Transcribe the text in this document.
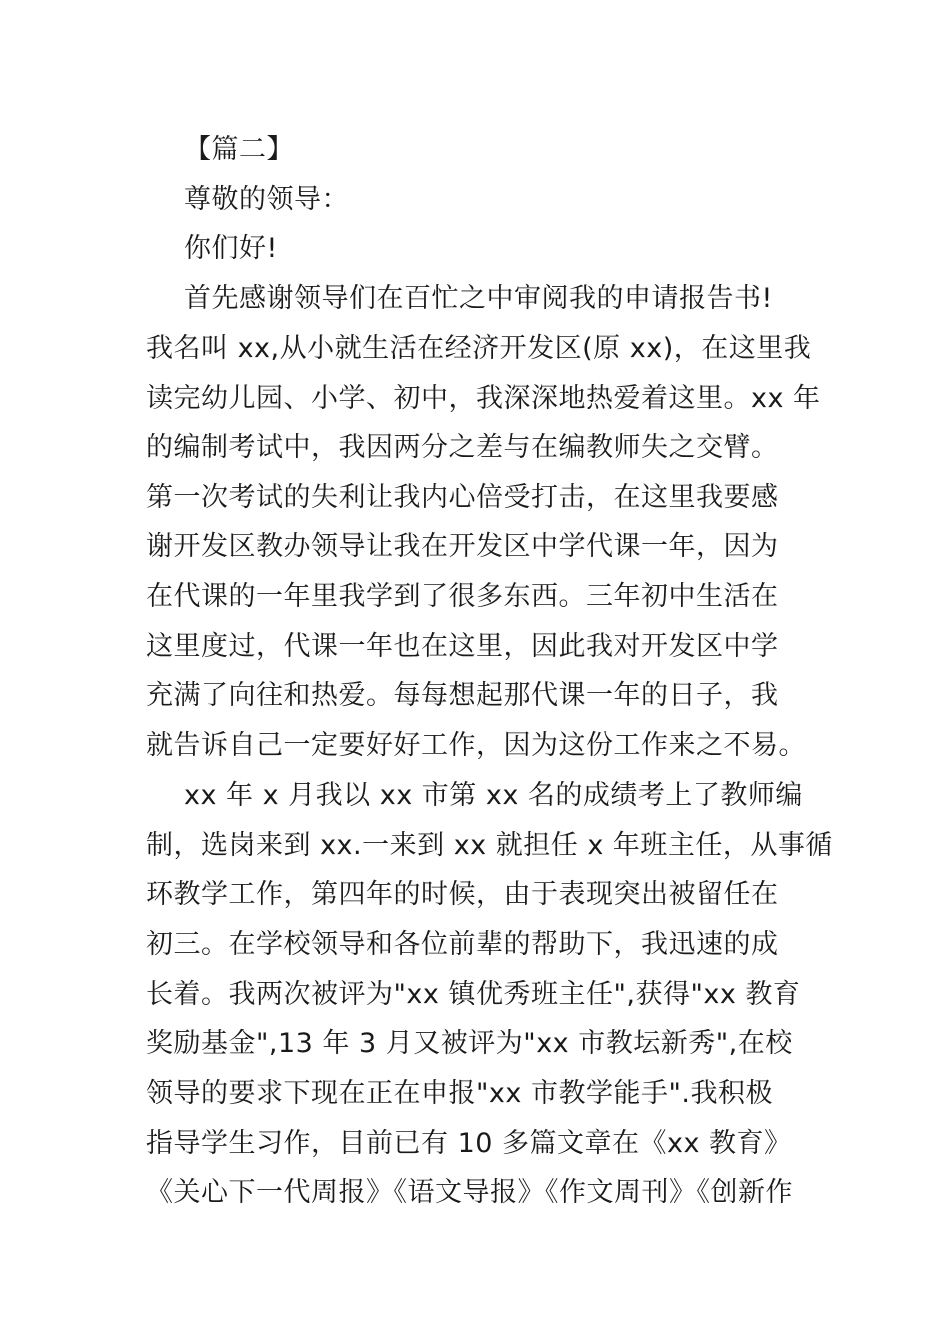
【篇二】
尊敬的领导：
你们好!
首先感谢领导们在百忙之中审阅我的申请报告书!
我名叫 xx,从小就生活在经济开发区(原 xx)，在这里我
读完幼儿园、小学、初中，我深深地热爱着这里。xx 年
的编制考试中，我因两分之差与在编教师失之交臂。
第一次考试的失利让我内心倍受打击，在这里我要感
谢开发区教办领导让我在开发区中学代课一年，因为
在代课的一年里我学到了很多东西。三年初中生活在
这里度过，代课一年也在这里，因此我对开发区中学
充满了向往和热爱。每每想起那代课一年的日子，我
就告诉自己一定要好好工作，因为这份工作来之不易。
xx 年 x 月我以 xx 市第 xx 名的成绩考上了教师编
制，选岗来到 xx.一来到 xx 就担任 x 年班主任，从事循
环教学工作，第四年的时候，由于表现突出被留任在
初三。在学校领导和各位前辈的帮助下，我迅速的成
长着。我两次被评为"xx 镇优秀班主任",获得"xx 教育
奖励基金",13 年 3 月又被评为"xx 市教坛新秀",在校
领导的要求下现在正在申报"xx 市教学能手".我积极
指导学生习作，目前已有 10 多篇文章在《xx 教育》
《关心下一代周报》《语文导报》《作文周刊》《创新作
